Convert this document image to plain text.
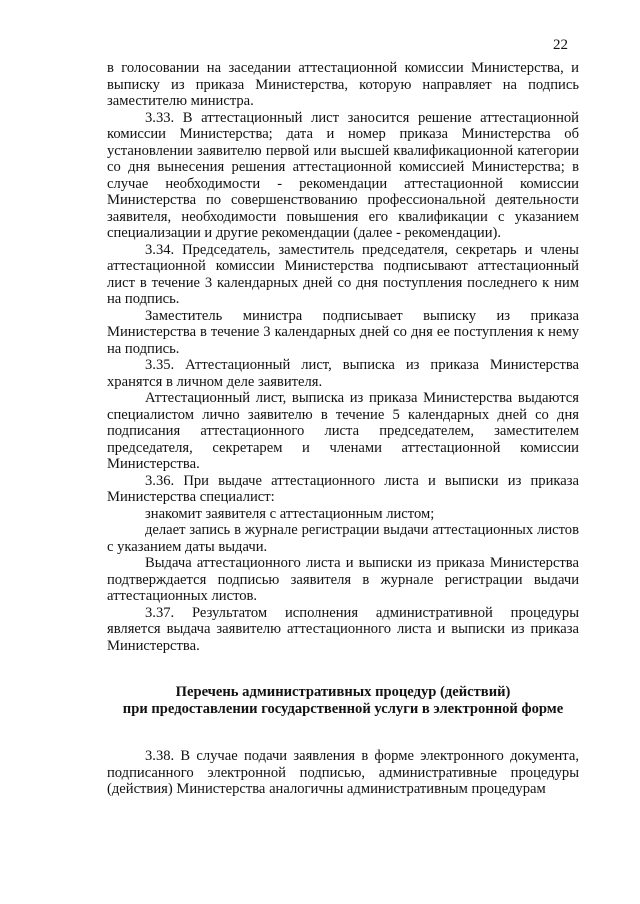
22

в голосовании на заседании аттестационной комиссии Министерства, и выписку из приказа Министерства, которую направляет на подпись заместителю министра.

3.33. В аттестационный лист заносится решение аттестационной комиссии Министерства; дата и номер приказа Министерства об установлении заявителю первой или высшей квалификационной категории со дня вынесения решения аттестационной комиссией Министерства; в случае необходимости - рекомендации аттестационной комиссии Министерства по совершенствованию профессиональной деятельности заявителя, необходимости повышения его квалификации с указанием специализации и другие рекомендации (далее - рекомендации).

3.34. Председатель, заместитель председателя, секретарь и члены аттестационной комиссии Министерства подписывают аттестационный лист в течение 3 календарных дней со дня поступления последнего к ним на подпись.

Заместитель министра подписывает выписку из приказа Министерства в течение 3 календарных дней со дня ее поступления к нему на подпись.

3.35. Аттестационный лист, выписка из приказа Министерства хранятся в личном деле заявителя.

Аттестационный лист, выписка из приказа Министерства выдаются специалистом лично заявителю в течение 5 календарных дней со дня подписания аттестационного листа председателем, заместителем председателя, секретарем и членами аттестационной комиссии Министерства.

3.36. При выдаче аттестационного листа и выписки из приказа Министерства специалист:

знакомит заявителя с аттестационным листом;

делает запись в журнале регистрации выдачи аттестационных листов с указанием даты выдачи.

Выдача аттестационного листа и выписки из приказа Министерства подтверждается подписью заявителя в журнале регистрации выдачи аттестационных листов.

3.37. Результатом исполнения административной процедуры является выдача заявителю аттестационного листа и выписки из приказа Министерства.

Перечень административных процедур (действий)
при предоставлении государственной услуги в электронной форме

3.38. В случае подачи заявления в форме электронного документа, подписанного электронной подписью, административные процедуры (действия) Министерства аналогичны административным процедурам
